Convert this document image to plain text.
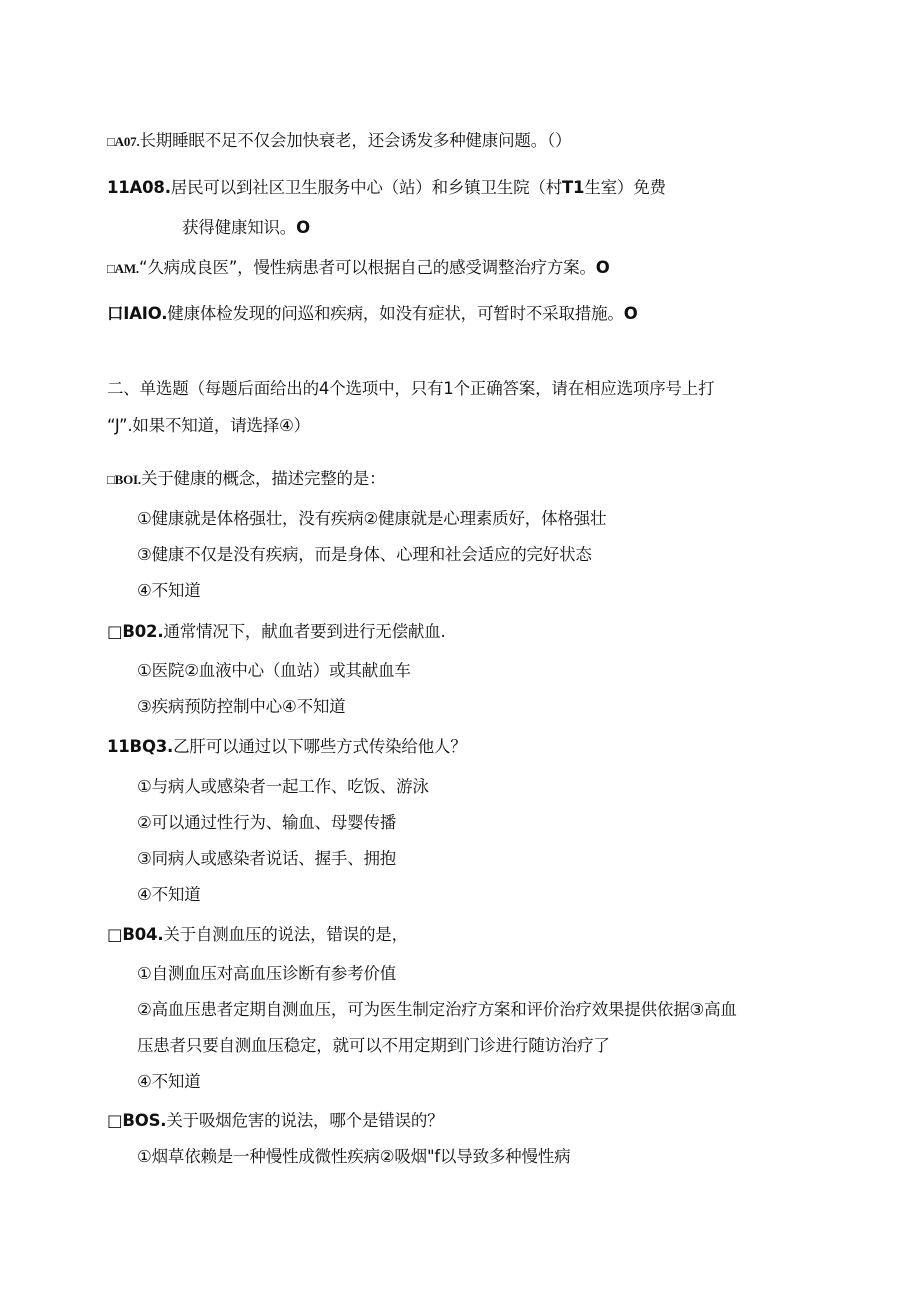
□A07.长期睡眠不足不仅会加快衰老，还会诱发多种健康问题。（）
11A08.居民可以到社区卫生服务中心（站）和乡镇卫生院（村T1生室）免费
获得健康知识。O
□AM.“久病成良医”，慢性病患者可以根据自己的感受调整治疗方案。O
口IAIO.健康体检发现的问巡和疾病，如没有症状，可暂时不采取措施。O
二、单选题（每题后面给出的4个选项中，只有1个正确答案，请在相应选项序号上打
“J”.如果不知道，请选择④）
□BOI.关于健康的概念，描述完整的是：
①健康就是体格强壮，没有疾病②健康就是心理素质好，体格强壮
③健康不仅是没有疾病，而是身体、心理和社会适应的完好状态
④不知道
□B02.通常情况下，献血者要到进行无偿献血.
①医院②血液中心（血站）或其献血车
③疾病预防控制中心④不知道
11BQ3.乙肝可以通过以下哪些方式传染给他人？
①与病人或感染者一起工作、吃饭、游泳
②可以通过性行为、输血、母婴传播
③同病人或感染者说话、握手、拥抱
④不知道
□B04.关于自测血压的说法，错误的是，
①自测血压对高血压诊断有参考价值
②高血压患者定期自测血压，可为医生制定治疗方案和评价治疗效果提供依据③高血
压患者只要自测血压稳定，就可以不用定期到门诊进行随访治疗了
④不知道
□BOS.关于吸烟危害的说法，哪个是错误的？
①烟草依赖是一种慢性成微性疾病②吸烟"f以导致多种慢性病
